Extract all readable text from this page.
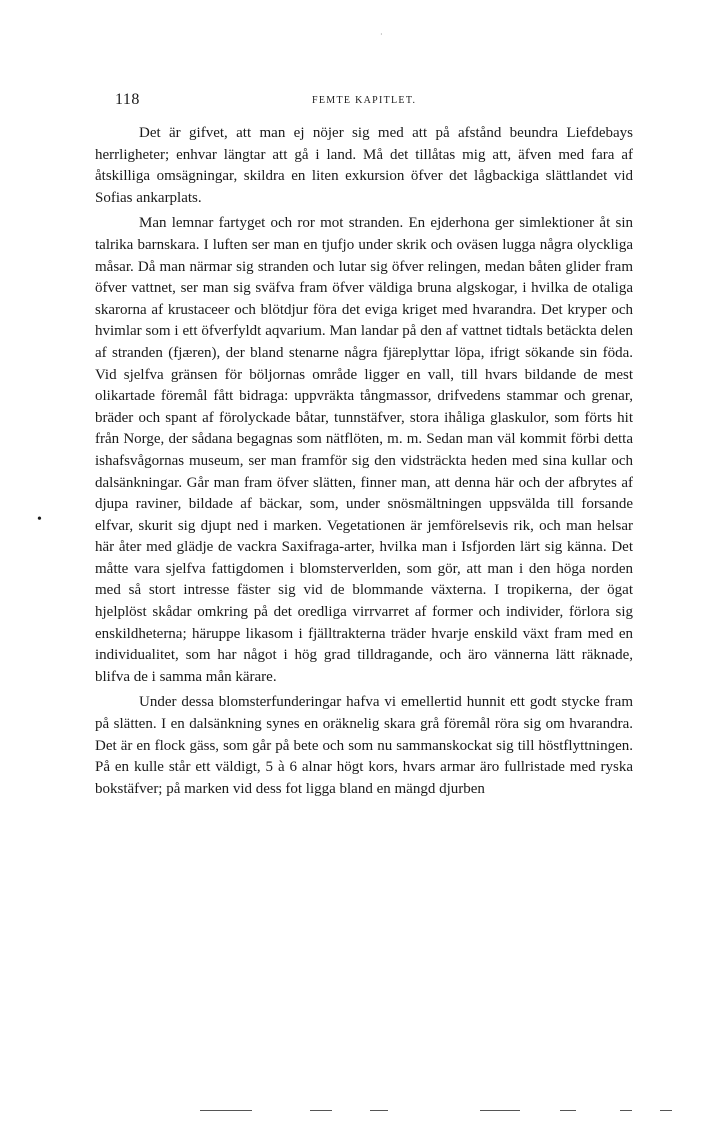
·
118	FEMTE KAPITLET.
•

Det är gifvet, att man ej nöjer sig med att på afstånd beundra Liefdebays herrligheter; enhvar längtar att gå i land. Må det tillåtas mig att, äfven med fara af åtskilliga omsägningar, skildra en liten exkursion öfver det lågbackiga slättlandet vid Sofias ankarplats.

Man lemnar fartyget och ror mot stranden. En ejderhona ger simlektioner åt sin talrika barnskara. I luften ser man en tjufjo under skrik och oväsen lugga några olyckliga måsar. Då man närmar sig stranden och lutar sig öfver relingen, medan båten glider fram öfver vattnet, ser man sig sväfva fram öfver väldiga bruna algskogar, i hvilka de otaliga skarorna af krustaceer och blötdjur föra det eviga kriget med hvarandra. Det kryper och hvimlar som i ett öfverfyldt aqvarium. Man landar på den af vattnet tidtals betäckta delen af stranden (fjæren), der bland stenarne några fjäreplyttar löpa, ifrigt sökande sin föda. Vid sjelfva gränsen för böljornas område ligger en vall, till hvars bildande de mest olikartade föremål fått bidraga: uppvräkta tångmassor, drifvedens stammar och grenar, bräder och spant af förolyckade båtar, tunnstäfver, stora ihåliga glaskulor, som förts hit från Norge, der sådana begagnas som nätflöten, m. m. Sedan man väl kommit förbi detta ishafsvågornas museum, ser man framför sig den vidsträckta heden med sina kullar och dalsänkningar. Går man fram öfver slätten, finner man, att denna här och der afbrytes af djupa raviner, bildade af bäckar, som, under snösmältningen uppsvälda till forsande elfvar, skurit sig djupt ned i marken. Vegetationen är jemförelsevis rik, och man helsar här åter med glädje de vackra Saxifraga-arter, hvilka man i Isfjorden lärt sig känna. Det måtte vara sjelfva fattigdomen i blomsterverlden, som gör, att man i den höga norden med så stort intresse fäster sig vid de blommande växterna. I tropikerna, der ögat hjelplöst skådar omkring på det oredliga virrvarret af former och individer, förlora sig enskildheterna; häruppe likasom i fjälltrakterna träder hvarje enskild växt fram med en individualitet, som har något i hög grad tilldragande, och äro vännerna lätt räknade, blifva de i samma mån kärare.

Under dessa blomsterfunderingar hafva vi emellertid hunnit ett godt stycke fram på slätten. I en dalsänkning synes en oräknelig skara grå föremål röra sig om hvarandra. Det är en flock gäss, som går på bete och som nu sammanskockat sig till höstflyttningen. På en kulle står ett väldigt, 5 à 6 alnar högt kors, hvars armar äro fullristade med ryska bokstäfver; på marken vid dess fot ligga bland en mängd djurben
